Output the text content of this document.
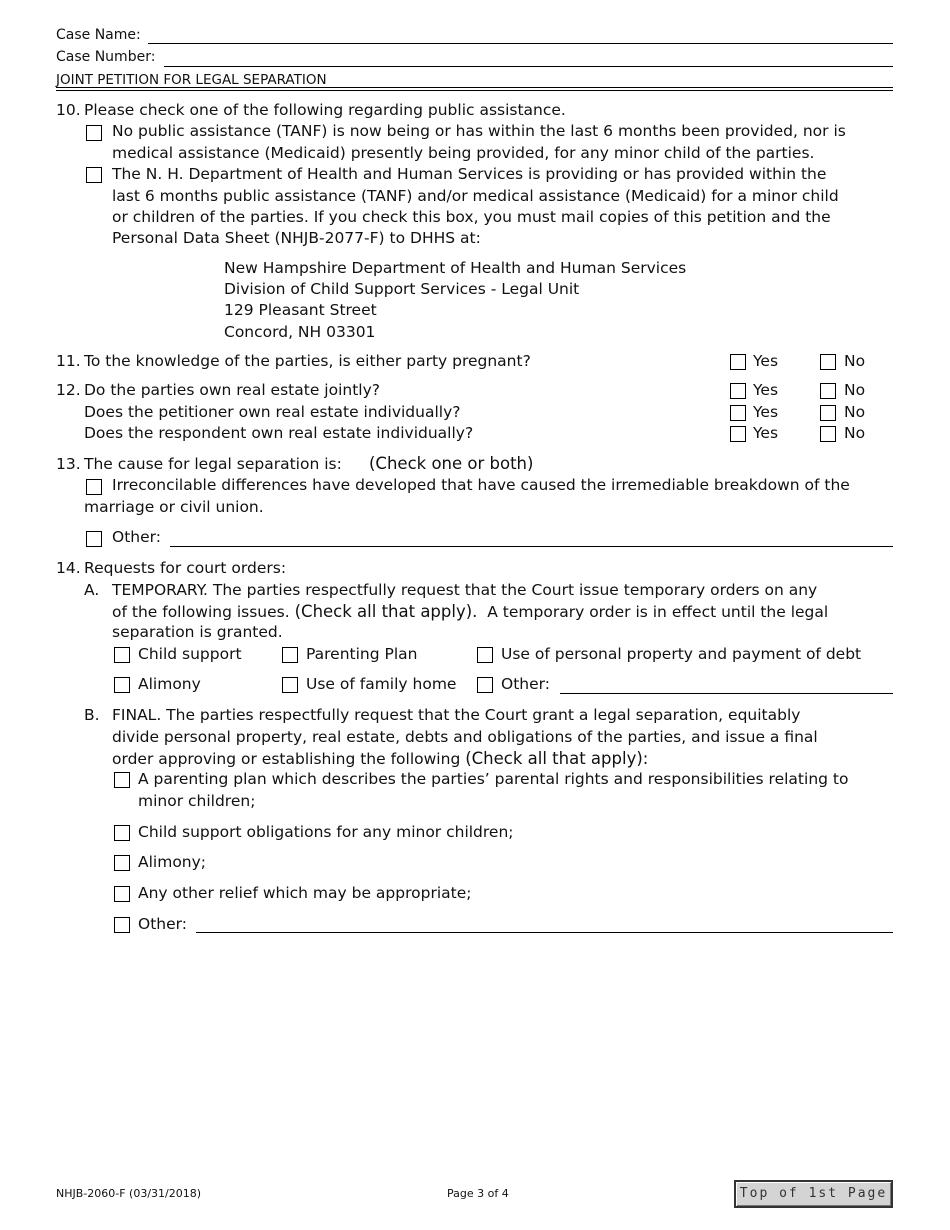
Case Name:
Case Number:
JOINT PETITION FOR LEGAL SEPARATION
10. Please check one of the following regarding public assistance.
No public assistance (TANF) is now being or has within the last 6 months been provided, nor is
medical assistance (Medicaid) presently being provided, for any minor child of the parties.
The N. H. Department of Health and Human Services is providing or has provided within the
last 6 months public assistance (TANF) and/or medical assistance (Medicaid) for a minor child
or children of the parties. If you check this box, you must mail copies of this petition and the
Personal Data Sheet (NHJB-2077-F) to DHHS at:
New Hampshire Department of Health and Human Services
Division of Child Support Services - Legal Unit
129 Pleasant Street
Concord, NH 03301
11. To the knowledge of the parties, is either party pregnant?	Yes	No
12. Do the parties own real estate jointly?	Yes	No
Does the petitioner own real estate individually?	Yes	No
Does the respondent own real estate individually?	Yes	No
13. The cause for legal separation is: (Check one or both)
Irreconcilable differences have developed that have caused the irremediable breakdown of the
marriage or civil union.
Other:
14. Requests for court orders:
A. TEMPORARY. The parties respectfully request that the Court issue temporary orders on any
of the following issues. (Check all that apply). A temporary order is in effect until the legal
separation is granted.
Child support	Parenting Plan	Use of personal property and payment of debt
Alimony	Use of family home	Other:
B. FINAL. The parties respectfully request that the Court grant a legal separation, equitably
divide personal property, real estate, debts and obligations of the parties, and issue a final
order approving or establishing the following (Check all that apply):
A parenting plan which describes the parties’ parental rights and responsibilities relating to
minor children;
Child support obligations for any minor children;
Alimony;
Any other relief which may be appropriate;
Other:
NHJB-2060-F (03/31/2018)	Page 3 of 4	Top of 1st Page
